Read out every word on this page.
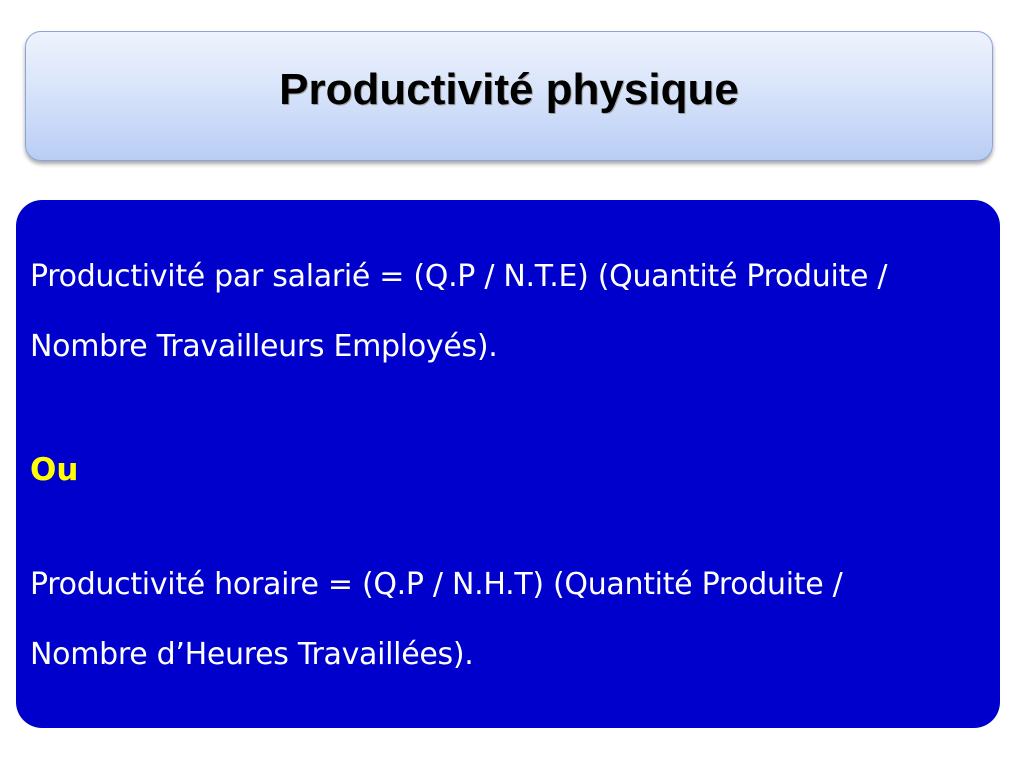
Productivité physique

Productivité par salarié = (Q.P / N.T.E) (Quantité Produite / Nombre Travailleurs Employés).

Ou

Productivité horaire = (Q.P / N.H.T) (Quantité Produite / Nombre d’Heures Travaillées).
